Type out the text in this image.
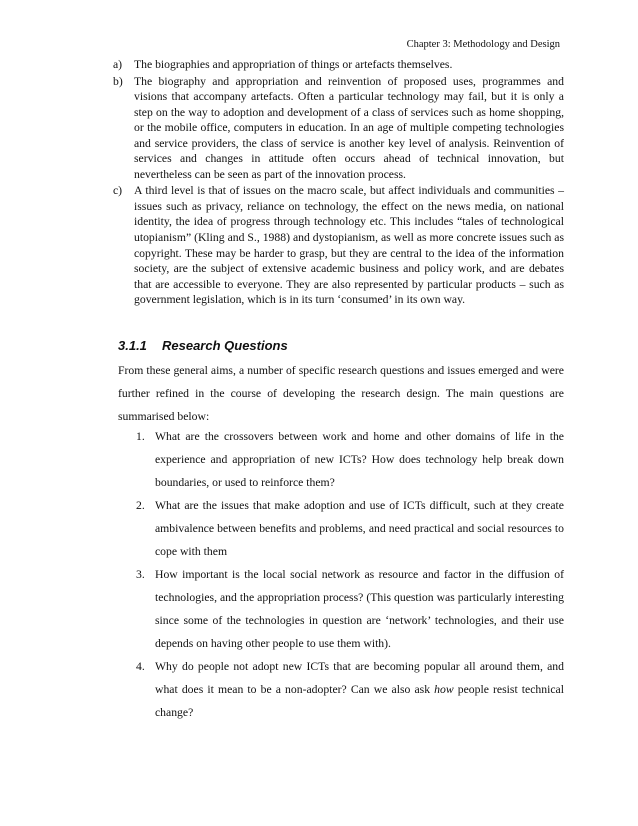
Chapter 3: Methodology and Design
a) The biographies and appropriation of things or artefacts themselves.
b) The biography and appropriation and reinvention of proposed uses, programmes and visions that accompany artefacts. Often a particular technology may fail, but it is only a step on the way to adoption and development of a class of services such as home shopping, or the mobile office, computers in education. In an age of multiple competing technologies and service providers, the class of service is another key level of analysis. Reinvention of services and changes in attitude often occurs ahead of technical innovation, but nevertheless can be seen as part of the innovation process.
c) A third level is that of issues on the macro scale, but affect individuals and communities – issues such as privacy, reliance on technology, the effect on the news media, on national identity, the idea of progress through technology etc. This includes “tales of technological utopianism” (Kling and S., 1988) and dystopianism, as well as more concrete issues such as copyright. These may be harder to grasp, but they are central to the idea of the information society, are the subject of extensive academic business and policy work, and are debates that are accessible to everyone. They are also represented by particular products – such as government legislation, which is in its turn ‘consumed’ in its own way.
3.1.1 Research Questions

From these general aims, a number of specific research questions and issues emerged and were further refined in the course of developing the research design. The main questions are summarised below:

1. What are the crossovers between work and home and other domains of life in the experience and appropriation of new ICTs? How does technology help break down boundaries, or used to reinforce them?
2. What are the issues that make adoption and use of ICTs difficult, such at they create ambivalence between benefits and problems, and need practical and social resources to cope with them
3. How important is the local social network as resource and factor in the diffusion of technologies, and the appropriation process? (This question was particularly interesting since some of the technologies in question are ‘network’ technologies, and their use depends on having other people to use them with).
4. Why do people not adopt new ICTs that are becoming popular all around them, and what does it mean to be a non-adopter? Can we also ask how people resist technical change?
